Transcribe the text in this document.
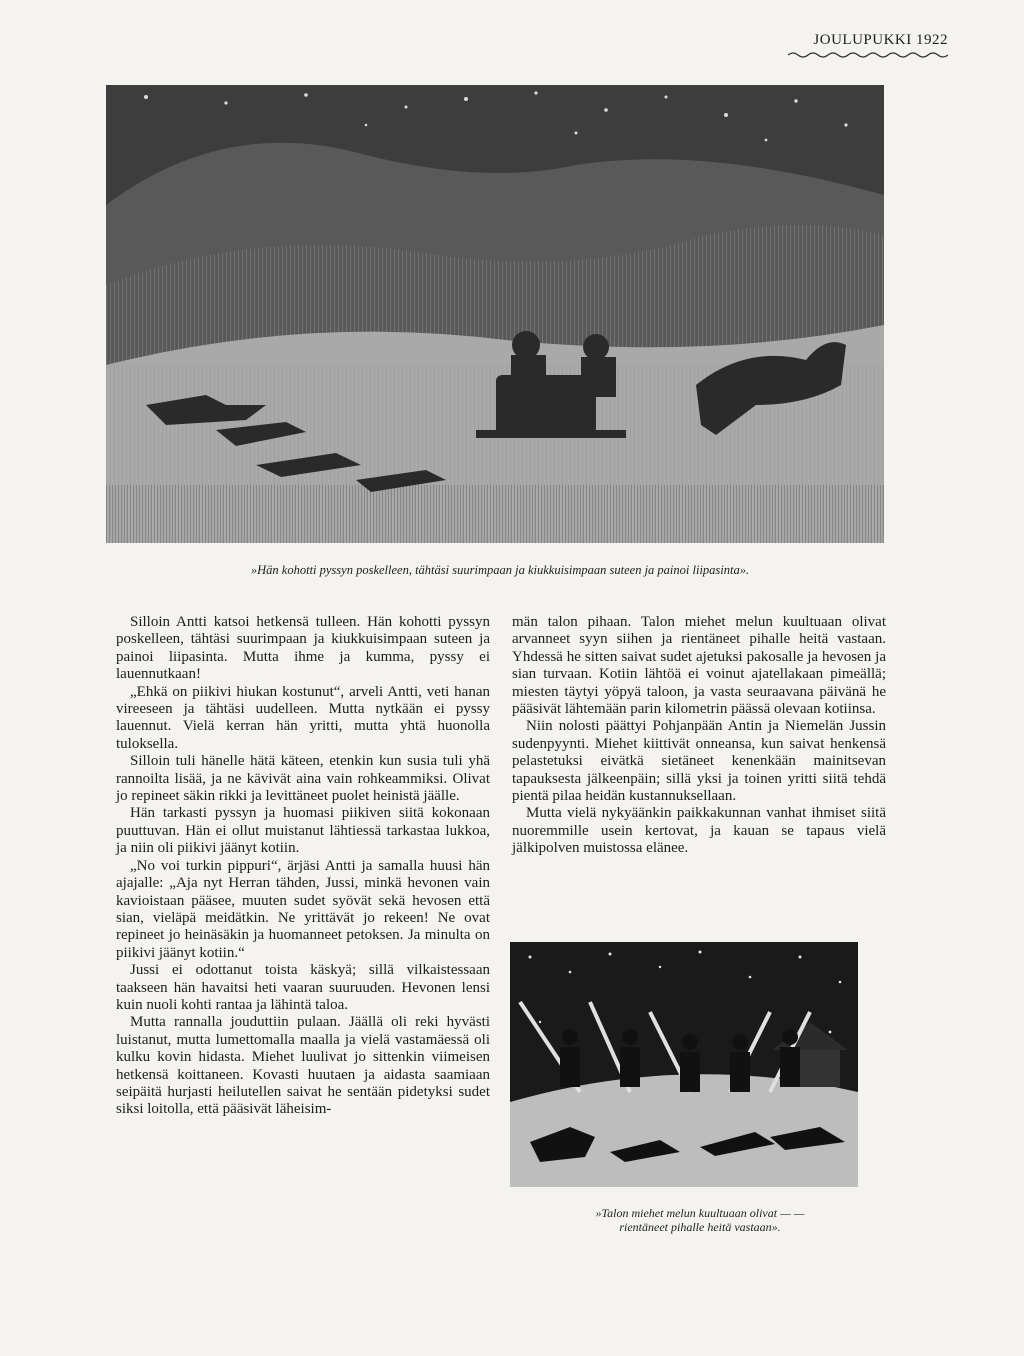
JOULUPUKKI 1922
»Hän kohotti pyssyn poskelleen, tähtäsi suurimpaan ja kiukkuisimpaan suteen ja painoi liipasinta».

Silloin Antti katsoi hetkensä tulleen. Hän kohotti pyssyn poskelleen, tähtäsi suurimpaan ja kiukkuisimpaan suteen ja painoi liipasinta. Mutta ihme ja kumma, pyssy ei lauennutkaan!

„Ehkä on piikivi hiukan kostunut“, arveli Antti, veti hanan vireeseen ja tähtäsi uudelleen. Mutta nytkään ei pyssy lauennut. Vielä kerran hän yritti, mutta yhtä huonolla tuloksella.

Silloin tuli hänelle hätä käteen, etenkin kun susia tuli yhä rannoilta lisää, ja ne kävivät aina vain rohkeammiksi. Olivat jo repineet säkin rikki ja levittäneet puolet heinistä jäälle.

Hän tarkasti pyssyn ja huomasi piikiven siitä kokonaan puuttuvan. Hän ei ollut muistanut lähtiessä tarkastaa lukkoa, ja niin oli piikivi jäänyt kotiin.

„No voi turkin pippuri“, ärjäsi Antti ja samalla huusi hän ajajalle: „Aja nyt Herran tähden, Jussi, minkä hevonen vain kavioistaan pääsee, muuten sudet syövät sekä hevosen että sian, vieläpä meidätkin. Ne yrittävät jo rekeen! Ne ovat repineet jo heinäsäkin ja huomanneet petoksen. Ja minulta on piikivi jäänyt kotiin.“

Jussi ei odottanut toista käskyä; sillä vilkaistessaan taakseen hän havaitsi heti vaaran suuruuden. Hevonen lensi kuin nuoli kohti rantaa ja lähintä taloa.

Mutta rannalla jouduttiin pulaan. Jäällä oli reki hyvästi luistanut, mutta lumettomalla maalla ja vielä vastamäessä oli kulku kovin hidasta. Miehet luulivat jo sittenkin viimeisen hetkensä koittaneen. Kovasti huutaen ja aidasta saamiaan seipäitä hurjasti heilutellen saivat he sentään pidetyksi sudet siksi loitolla, että pääsivät läheisim-

män talon pihaan. Talon miehet melun kuultuaan olivat arvanneet syyn siihen ja rientäneet pihalle heitä vastaan. Yhdessä he sitten saivat sudet ajetuksi pakosalle ja hevosen ja sian turvaan. Kotiin lähtöä ei voinut ajatellakaan pimeällä; miesten täytyi yöpyä taloon, ja vasta seuraavana päivänä he pääsivät lähtemään parin kilometrin päässä olevaan kotiinsa.

Niin nolosti päättyi Pohjanpään Antin ja Niemelän Jussin sudenpyynti. Miehet kiittivät onneansa, kun saivat henkensä pelastetuksi eivätkä sietäneet kenenkään mainitsevan tapauksesta jälkeenpäin; sillä yksi ja toinen yritti siitä tehdä pientä pilaa heidän kustannuksellaan.

Mutta vielä nykyäänkin paikkakunnan vanhat ihmiset siitä nuoremmille usein kertovat, ja kauan se tapaus vielä jälkipolven muistossa elänee.

»Talon miehet melun kuultuaan olivat — —
rientäneet pihalle heitä vastaan».
